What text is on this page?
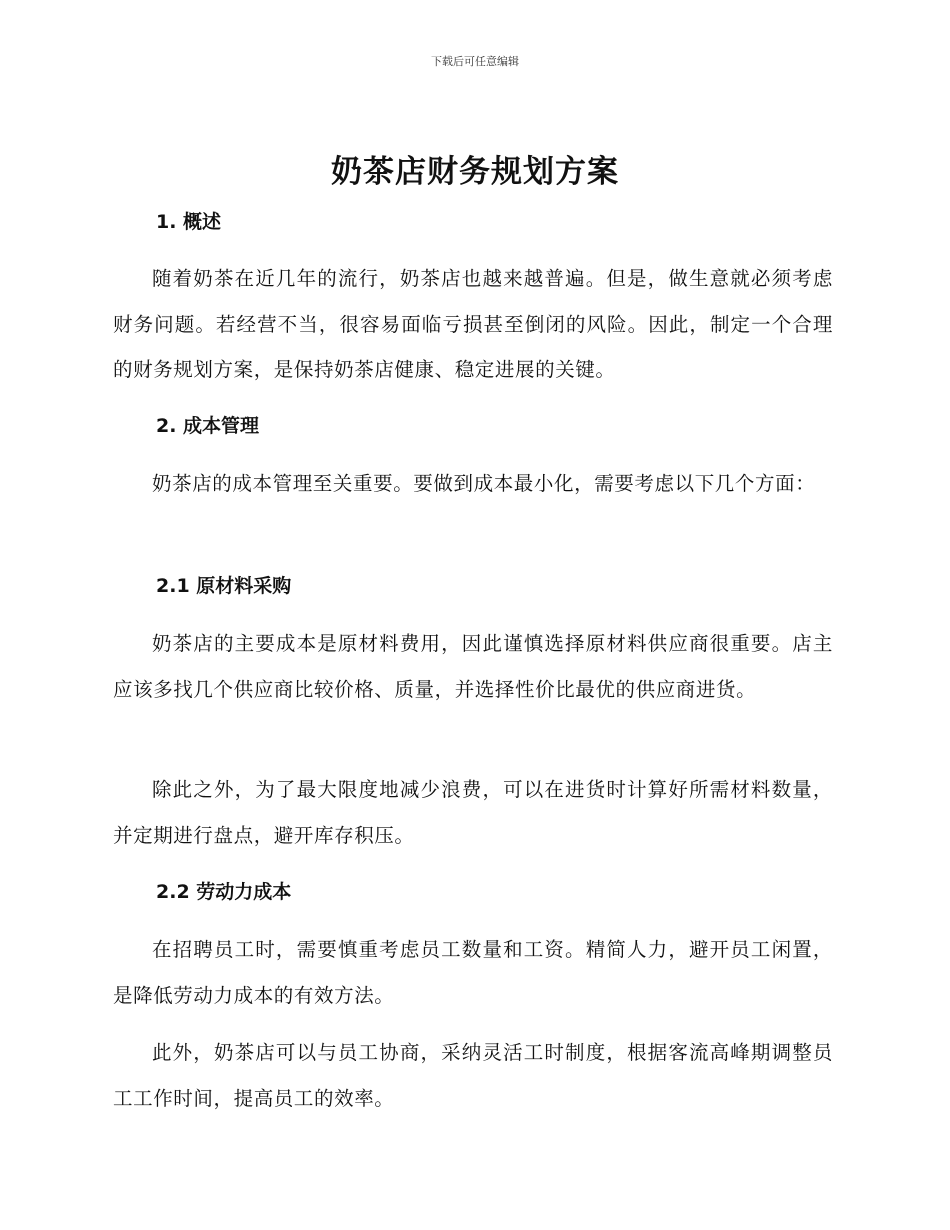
下载后可任意编辑
奶茶店财务规划方案
1. 概述
随着奶茶在近几年的流行，奶茶店也越来越普遍。但是，做生意就必须考虑财务问题。若经营不当，很容易面临亏损甚至倒闭的风险。因此，制定一个合理的财务规划方案，是保持奶茶店健康、稳定进展的关键。
2. 成本管理
奶茶店的成本管理至关重要。要做到成本最小化，需要考虑以下几个方面：
2.1 原材料采购
奶茶店的主要成本是原材料费用，因此谨慎选择原材料供应商很重要。店主应该多找几个供应商比较价格、质量，并选择性价比最优的供应商进货。
除此之外，为了最大限度地减少浪费，可以在进货时计算好所需材料数量，并定期进行盘点，避开库存积压。
2.2 劳动力成本
在招聘员工时，需要慎重考虑员工数量和工资。精简人力，避开员工闲置，是降低劳动力成本的有效方法。
此外，奶茶店可以与员工协商，采纳灵活工时制度，根据客流高峰期调整员工工作时间，提高员工的效率。
